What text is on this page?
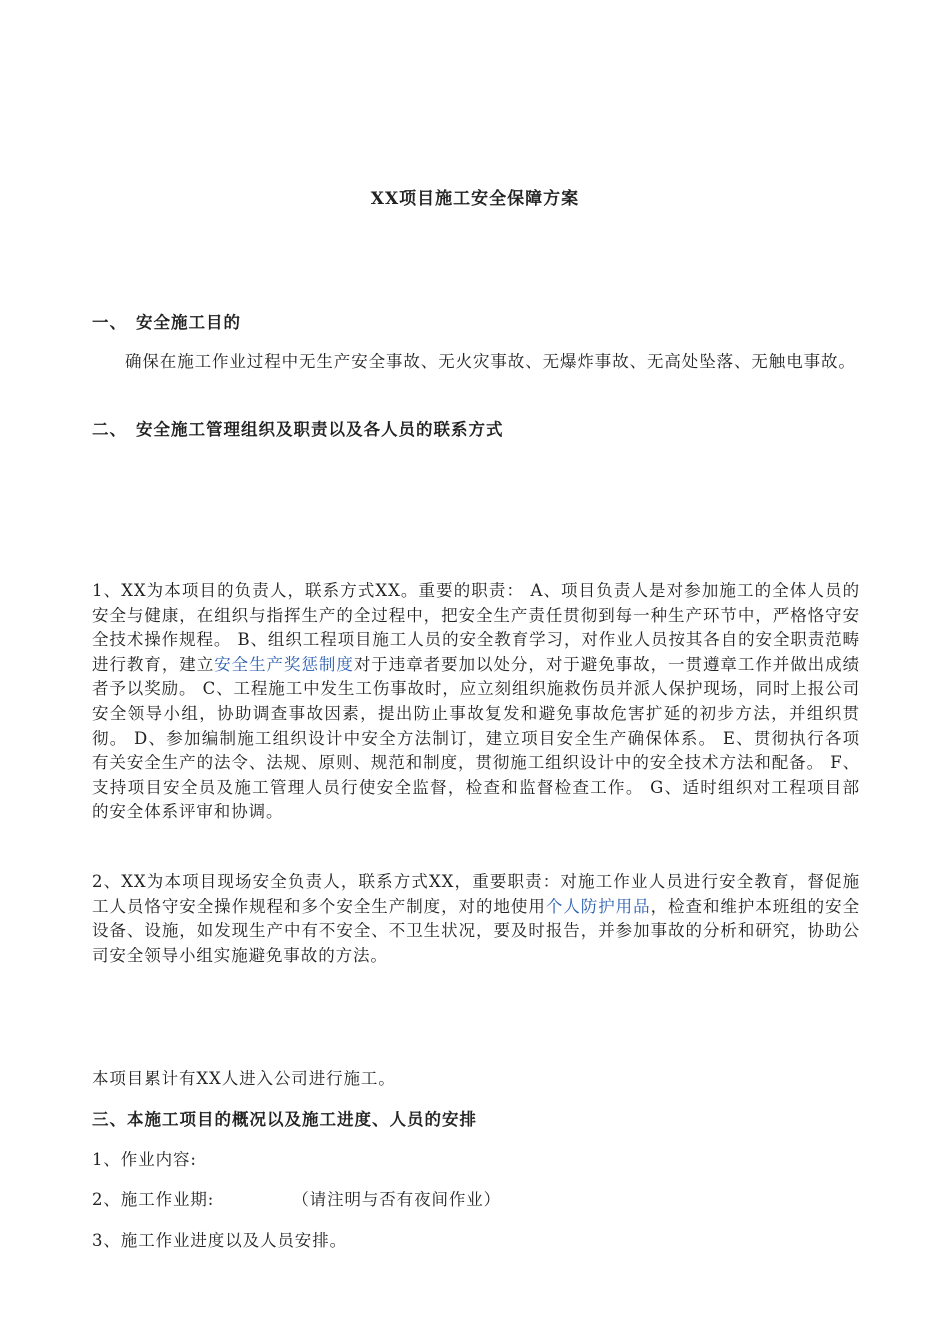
XX项目施工安全保障方案
一、 安全施工目的
确保在施工作业过程中无生产安全事故、无火灾事故、无爆炸事故、无高处坠落、无触电事故。
二、 安全施工管理组织及职责以及各人员的联系方式
1、XX为本项目的负责人，联系方式XX。重要的职责： A、项目负责人是对参加施工的全体人员的安全与健康，在组织与指挥生产的全过程中，把安全生产责任贯彻到每一种生产环节中，严格恪守安全技术操作规程。 B、组织工程项目施工人员的安全教育学习，对作业人员按其各自的安全职责范畴进行教育，建立安全生产奖惩制度对于违章者要加以处分，对于避免事故，一贯遵章工作并做出成绩者予以奖励。 C、工程施工中发生工伤事故时，应立刻组织施救伤员并派人保护现场，同时上报公司安全领导小组，协助调查事故因素，提出防止事故复发和避免事故危害扩延的初步方法，并组织贯彻。 D、参加编制施工组织设计中安全方法制订，建立项目安全生产确保体系。 E、贯彻执行各项有关安全生产的法令、法规、原则、规范和制度，贯彻施工组织设计中的安全技术方法和配备。 F、支持项目安全员及施工管理人员行使安全监督，检查和监督检查工作。 G、适时组织对工程项目部的安全体系评审和协调。
2、XX为本项目现场安全负责人，联系方式XX，重要职责：对施工作业人员进行安全教育，督促施工人员恪守安全操作规程和多个安全生产制度，对的地使用个人防护用品，检查和维护本班组的安全设备、设施，如发现生产中有不安全、不卫生状况，要及时报告，并参加事故的分析和研究，协助公司安全领导小组实施避免事故的方法。
本项目累计有XX人进入公司进行施工。
三、本施工项目的概况以及施工进度、人员的安排
1、作业内容:
2、施工作业期:	（请注明与否有夜间作业）
3、施工作业进度以及人员安排。
